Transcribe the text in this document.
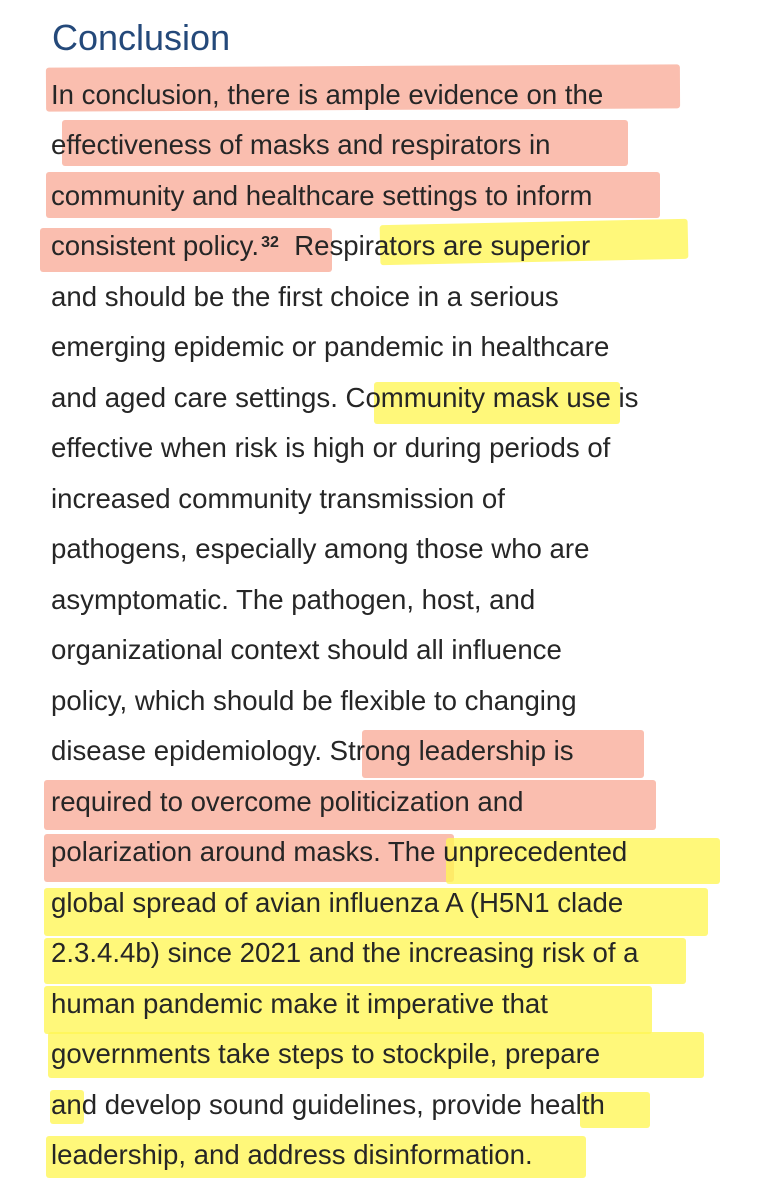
Conclusion
In conclusion, there is ample evidence on the
effectiveness of masks and respirators in
community and healthcare settings to inform
consistent policy. $^{32}$ Respirators are superior
and should be the first choice in a serious
emerging epidemic or pandemic in healthcare
and aged care settings. Community mask use is
effective when risk is high or during periods of
increased community transmission of
pathogens, especially among those who are
asymptomatic. The pathogen, host, and
organizational context should all influence
policy, which should be flexible to changing
disease epidemiology. Strong leadership is
required to overcome politicization and
polarization around masks. The unprecedented
global spread of avian influenza A (H5N1 clade
2.3.4.4b) since 2021 and the increasing risk of a
human pandemic make it imperative that
governments take steps to stockpile, prepare
and develop sound guidelines, provide health
leadership, and address disinformation.
